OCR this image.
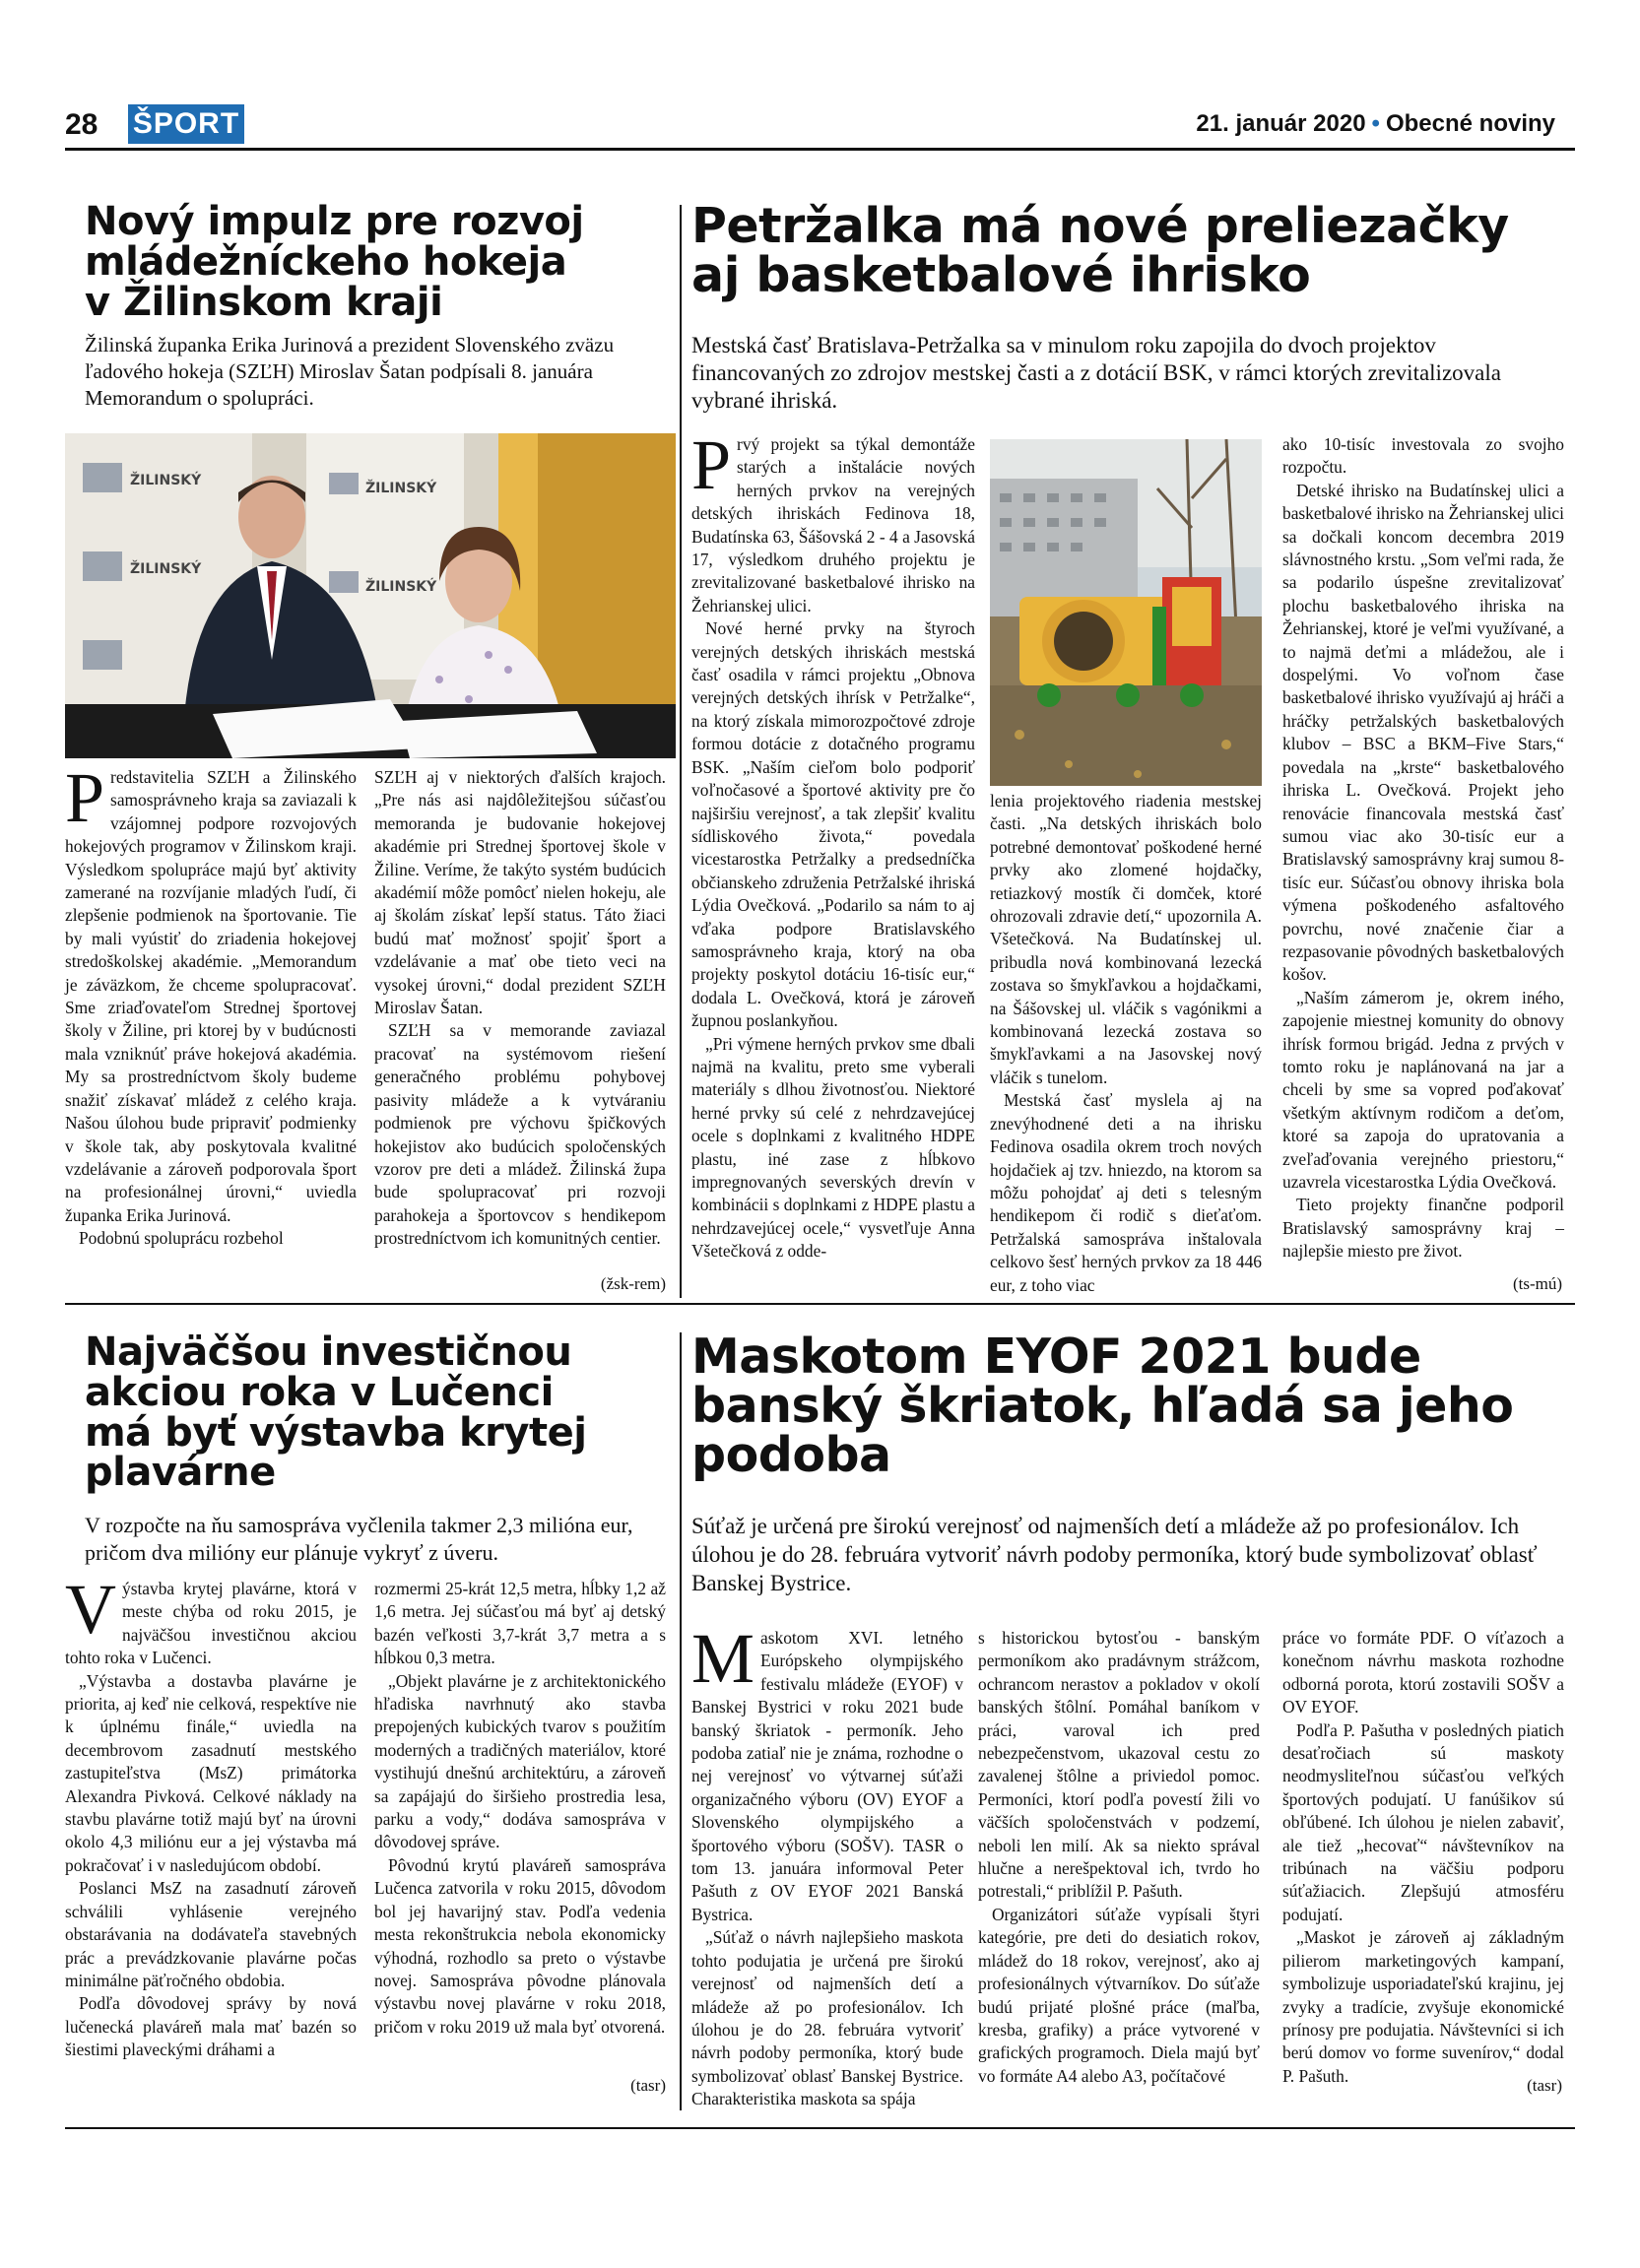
28 ŠPORT	21. január 2020 • Obecné noviny
Nový impulz pre rozvoj
mládežníckeho hokeja
v Žilinskom kraji
Žilinská županka Erika Jurinová a prezident Slovenského zväzu ľadového hokeja (SZĽH) Miroslav Šatan podpísali 8. januára Memorandum o spolupráci.
ŽILINSKÝ
ŽILINSKÝ
ŽILINSKÝ
ŽILINSKÝ

Predstavitelia SZĽH a Žilinského samosprávneho kraja sa zaviazali k vzájomnej podpore rozvojových hokejových programov v Žilinskom kraji. Výsledkom spolupráce majú byť aktivity zamerané na rozvíjanie mladých ľudí, či zlepšenie podmienok na športovanie. Tie by mali vyústiť do zriadenia hokejovej stredoškolskej akadémie. „Memorandum je záväzkom, že chceme spolupracovať. Sme zriaďovateľom Strednej športovej školy v Žiline, pri ktorej by v budúcnosti mala vzniknúť práve hokejová akadémia. My sa prostredníctvom školy budeme snažiť získavať mládež z celého kraja. Našou úlohou bude pripraviť podmienky v škole tak, aby poskytovala kvalitné vzdelávanie a zároveň podporovala šport na profesionálnej úrovni,“ uviedla županka Erika Jurinová.

Podobnú spoluprácu rozbehol

SZĽH aj v niektorých ďalších krajoch. „Pre nás asi najdôležitejšou súčasťou memoranda je budovanie hokejovej akadémie pri Strednej športovej škole v Žiline. Veríme, že takýto systém budúcich akadémií môže pomôcť nielen hokeju, ale aj školám získať lepší status. Táto žiaci budú mať možnosť spojiť šport a vzdelávanie a mať obe tieto veci na vysokej úrovni,“ dodal prezident SZĽH Miroslav Šatan.

SZĽH sa v memorande zaviazal pracovať na systémovom riešení generačného problému pohybovej pasivity mládeže a k vytváraniu podmienok pre výchovu špičkových hokejistov ako budúcich spoločenských vzorov pre deti a mládež. Žilinská župa bude spolupracovať pri rozvoji parahokeja a športovcov s hendikepom prostredníctvom ich komunitných centier.

(žsk-rem)
Petržalka má nové preliezačky
aj basketbalové ihrisko
Mestská časť Bratislava-Petržalka sa v minulom roku zapojila do dvoch projektov financovaných zo zdrojov mestskej časti a z dotácií BSK, v rámci ktorých zrevitalizovala vybrané ihriská.

Prvý projekt sa týkal demontáže starých a inštalácie nových herných prvkov na verejných detských ihriskách Fedinova 18, Budatínska 63, Šášovská 2 - 4 a Jasovská 17, výsledkom druhého projektu je zrevitalizované basketbalové ihrisko na Žehrianskej ulici.

Nové herné prvky na štyroch verejných detských ihriskách mestská časť osadila v rámci projektu „Obnova verejných detských ihrísk v Petržalke“, na ktorý získala mimorozpočtové zdroje formou dotácie z dotačného programu BSK. „Naším cieľom bolo podporiť voľnočasové a športové aktivity pre čo najširšiu verejnosť, a tak zlepšiť kvalitu sídliskového života,“ povedala vicestarostka Petržalky a predsedníčka občianskeho združenia Petržalské ihriská Lýdia Ovečková. „Podarilo sa nám to aj vďaka podpore Bratislavského samosprávneho kraja, ktorý na oba projekty poskytol dotáciu 16-tisíc eur,“ dodala L. Ovečková, ktorá je zároveň župnou poslankyňou.

„Pri výmene herných prvkov sme dbali najmä na kvalitu, preto sme vyberali materiály s dlhou životnosťou. Niektoré herné prvky sú celé z nehrdzavejúcej ocele s doplnkami z kvalitného HDPE plastu, iné zase z hĺbkovo impregnovaných severských drevín v kombinácii s doplnkami z HDPE plastu a nehrdzavejúcej ocele,“ vysvetľuje Anna Všetečková z odde-

lenia projektového riadenia mestskej časti. „Na detských ihriskách bolo potrebné demontovať poškodené herné prvky ako zlomené hojdačky, retiazkový mostík či domček, ktoré ohrozovali zdravie detí,“ upozornila A. Všetečková. Na Budatínskej ul. pribudla nová kombinovaná lezecká zostava so šmykľavkou a hojdačkami, na Šášovskej ul. vláčik s vagónikmi a kombinovaná lezecká zostava so šmykľavkami a na Jasovskej nový vláčik s tunelom.

Mestská časť myslela aj na znevýhodnené deti a na ihrisku Fedinova osadila okrem troch nových hojdačiek aj tzv. hniezdo, na ktorom sa môžu pohojdať aj deti s telesným hendikepom či rodič s dieťaťom. Petržalská samospráva inštalovala celkovo šesť herných prvkov za 18 446 eur, z toho viac

ako 10-tisíc investovala zo svojho rozpočtu.

Detské ihrisko na Budatínskej ulici a basketbalové ihrisko na Žehrianskej ulici sa dočkali koncom decembra 2019 slávnostného krstu. „Som veľmi rada, že sa podarilo úspešne zrevitalizovať plochu basketbalového ihriska na Žehrianskej, ktoré je veľmi využívané, a to najmä deťmi a mládežou, ale i dospelými. Vo voľnom čase basketbalové ihrisko využívajú aj hráči a hráčky petržalských basketbalových klubov – BSC a BKM–Five Stars,“ povedala na „krste“ basketbalového ihriska L. Ovečková. Projekt jeho renovácie financovala mestská časť sumou viac ako 30-tisíc eur a Bratislavský samosprávny kraj sumou 8-tisíc eur. Súčasťou obnovy ihriska bola výmena poškodeného asfaltového povrchu, nové značenie čiar a rezpasovanie pôvodných basketbalových košov.

„Naším zámerom je, okrem iného, zapojenie miestnej komunity do obnovy ihrísk formou brigád. Jedna z prvých v tomto roku je naplánovaná na jar a chceli by sme sa vopred poďakovať všetkým aktívnym rodičom a deťom, ktoré sa zapoja do upratovania a zveľaďovania verejného priestoru,“ uzavrela vicestarostka Lýdia Ovečková.

Tieto projekty finančne podporil Bratislavský samosprávny kraj – najlepšie miesto pre život.

(ts-mú)
Najväčšou investičnou
akciou roka v Lučenci
má byť výstavba krytej
plavárne
V rozpočte na ňu samospráva vyčlenila takmer 2,3 milióna eur, pričom dva milióny eur plánuje vykryť z úveru.

Výstavba krytej plavárne, ktorá v meste chýba od roku 2015, je najväčšou investičnou akciou tohto roka v Lučenci.

„Výstavba a dostavba plavárne je priorita, aj keď nie celková, respektíve nie k úplnému finále,“ uviedla na decembrovom zasadnutí mestského zastupiteľstva (MsZ) primátorka Alexandra Pivková. Celkové náklady na stavbu plavárne totiž majú byť na úrovni okolo 4,3 miliónu eur a jej výstavba má pokračovať i v nasledujúcom období.

Poslanci MsZ na zasadnutí zároveň schválili vyhlásenie verejného obstarávania na dodávateľa stavebných prác a prevádzkovanie plavárne počas minimálne päťročného obdobia.

Podľa dôvodovej správy by nová lučenecká plaváreň mala mať bazén so šiestimi plaveckými dráhami a

rozmermi 25-krát 12,5 metra, hĺbky 1,2 až 1,6 metra. Jej súčasťou má byť aj detský bazén veľkosti 3,7-krát 3,7 metra a s hĺbkou 0,3 metra.

„Objekt plavárne je z architektonického hľadiska navrhnutý ako stavba prepojených kubických tvarov s použitím moderných a tradičných materiálov, ktoré vystihujú dnešnú architektúru, a zároveň sa zapájajú do širšieho prostredia lesa, parku a vody,“ dodáva samospráva v dôvodovej správe.

Pôvodnú krytú plaváreň samospráva Lučenca zatvorila v roku 2015, dôvodom bol jej havarijný stav. Podľa vedenia mesta rekonštrukcia nebola ekonomicky výhodná, rozhodlo sa preto o výstavbe novej. Samospráva pôvodne plánovala výstavbu novej plavárne v roku 2018, pričom v roku 2019 už mala byť otvorená.

(tasr)
Maskotom EYOF 2021 bude
banský škriatok, hľadá sa jeho
podoba
Súťaž je určená pre širokú verejnosť od najmenších detí a mládeže až po profesionálov. Ich úlohou je do 28. februára vytvoriť návrh podoby permoníka, ktorý bude symbolizovať oblasť Banskej Bystrice.

Maskotom XVI. letného Európskeho olympijského festivalu mládeže (EYOF) v Banskej Bystrici v roku 2021 bude banský škriatok - permoník. Jeho podoba zatiaľ nie je známa, rozhodne o nej verejnosť vo výtvarnej súťaži organizačného výboru (OV) EYOF a Slovenského olympijského a športového výboru (SOŠV). TASR o tom 13. januára informoval Peter Pašuth z OV EYOF 2021 Banská Bystrica.

„Súťaž o návrh najlepšieho maskota tohto podujatia je určená pre širokú verejnosť od najmenších detí a mládeže až po profesionálov. Ich úlohou je do 28. februára vytvoriť návrh podoby permoníka, ktorý bude symbolizovať oblasť Banskej Bystrice. Charakteristika maskota sa spája

s historickou bytosťou - banským permoníkom ako pradávnym strážcom, ochrancom nerastov a pokladov v okolí banských štôlní. Pomáhal baníkom v práci, varoval ich pred nebezpečenstvom, ukazoval cestu zo zavalenej štôlne a priviedol pomoc. Permoníci, ktorí podľa povestí žili vo väčších spoločenstvách v podzemí, neboli len milí. Ak sa niekto správal hlučne a nerešpektoval ich, tvrdo ho potrestali,“ priblížil P. Pašuth.

Organizátori súťaže vypísali štyri kategórie, pre deti do desiatich rokov, mládež do 18 rokov, verejnosť, ako aj profesionálnych výtvarníkov. Do súťaže budú prijaté plošné práce (maľba, kresba, grafiky) a práce vytvorené v grafických programoch. Diela majú byť vo formáte A4 alebo A3, počítačové

práce vo formáte PDF. O víťazoch a konečnom návrhu maskota rozhodne odborná porota, ktorú zostavili SOŠV a OV EYOF.

Podľa P. Pašutha v posledných piatich desaťročiach sú maskoty neodmysliteľnou súčasťou veľkých športových podujatí. U fanúšikov sú obľúbené. Ich úlohou je nielen zabaviť, ale tiež „hecovať“ návštevníkov na tribúnach na väčšiu podporu súťažiacich. Zlepšujú atmosféru podujatí.

„Maskot je zároveň aj základným pilierom marketingových kampaní, symbolizuje usporiadateľskú krajinu, jej zvyky a tradície, zvyšuje ekonomické prínosy pre podujatia. Návštevníci si ich berú domov vo forme suvenírov,“ dodal P. Pašuth.	(tasr)
